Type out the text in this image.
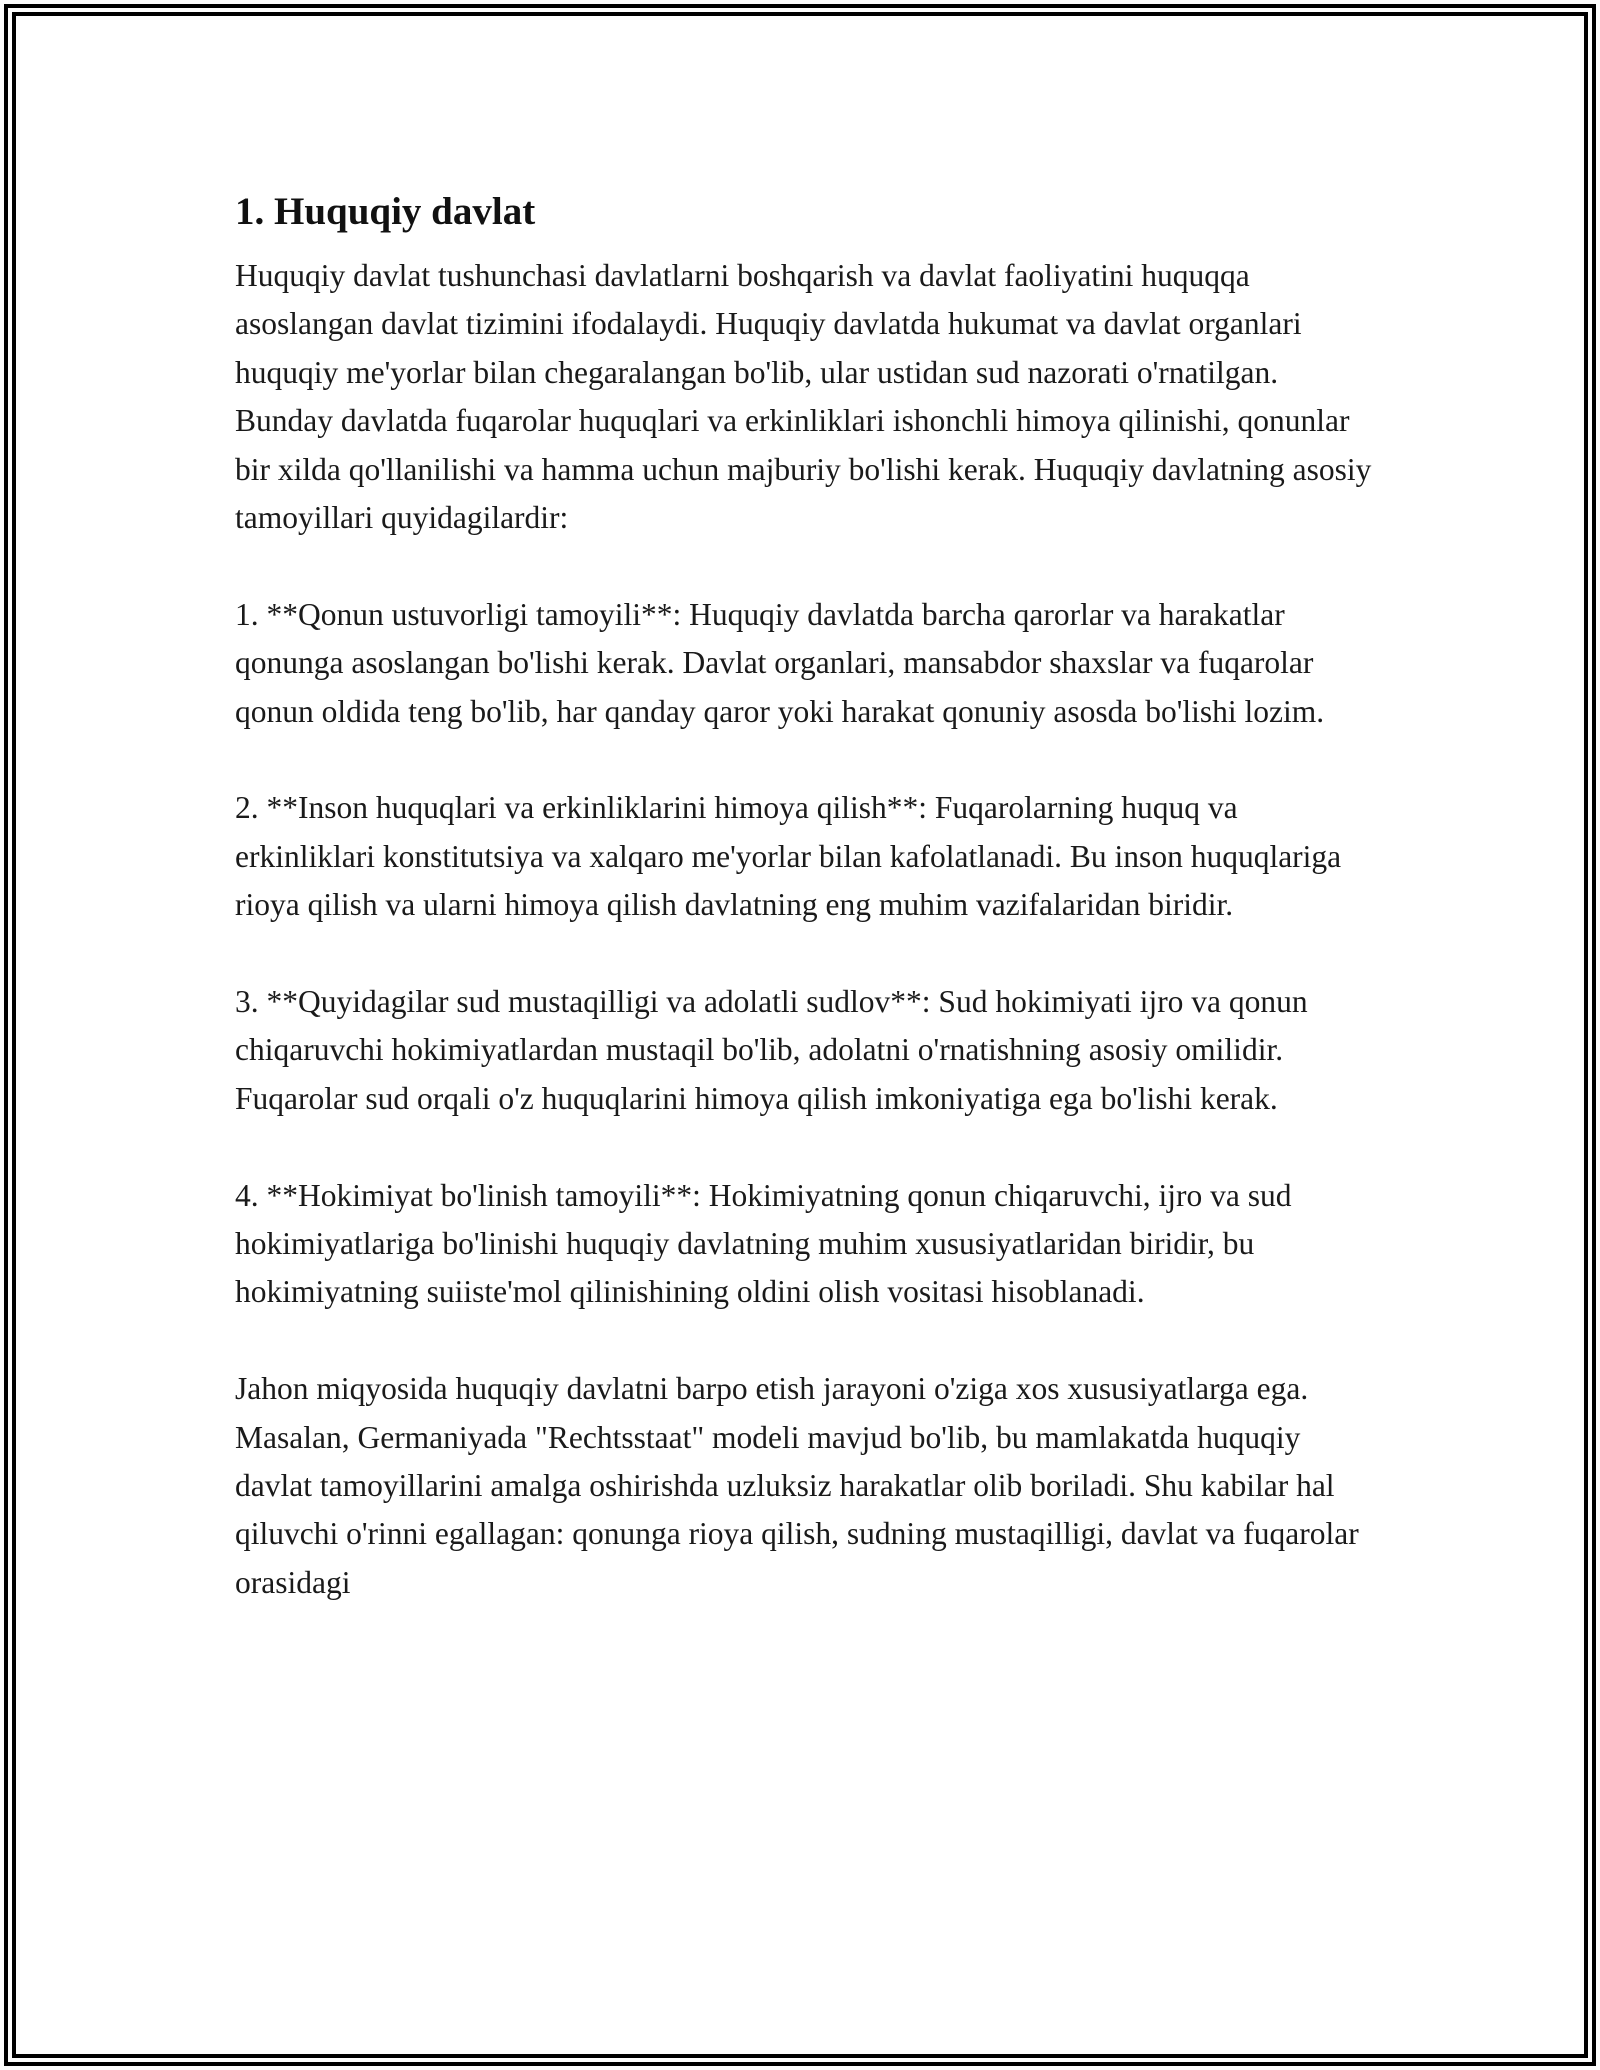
1. Huquqiy davlat

Huquqiy davlat tushunchasi davlatlarni boshqarish va davlat faoliyatini huquqqa asoslangan davlat tizimini ifodalaydi. Huquqiy davlatda hukumat va davlat organlari huquqiy me'yorlar bilan chegaralangan bo'lib, ular ustidan sud nazorati o'rnatilgan. Bunday davlatda fuqarolar huquqlari va erkinliklari ishonchli himoya qilinishi, qonunlar bir xilda qo'llanilishi va hamma uchun majburiy bo'lishi kerak. Huquqiy davlatning asosiy tamoyillari quyidagilardir:

1. **Qonun ustuvorligi tamoyili**: Huquqiy davlatda barcha qarorlar va harakatlar qonunga asoslangan bo'lishi kerak. Davlat organlari, mansabdor shaxslar va fuqarolar qonun oldida teng bo'lib, har qanday qaror yoki harakat qonuniy asosda bo'lishi lozim.

2. **Inson huquqlari va erkinliklarini himoya qilish**: Fuqarolarning huquq va erkinliklari konstitutsiya va xalqaro me'yorlar bilan kafolatlanadi. Bu inson huquqlariga rioya qilish va ularni himoya qilish davlatning eng muhim vazifalaridan biridir.

3. **Quyidagilar sud mustaqilligi va adolatli sudlov**: Sud hokimiyati ijro va qonun chiqaruvchi hokimiyatlardan mustaqil bo'lib, adolatni o'rnatishning asosiy omilidir. Fuqarolar sud orqali o'z huquqlarini himoya qilish imkoniyatiga ega bo'lishi kerak.

4. **Hokimiyat bo'linish tamoyili**: Hokimiyatning qonun chiqaruvchi, ijro va sud hokimiyatlariga bo'linishi huquqiy davlatning muhim xususiyatlaridan biridir, bu hokimiyatning suiiste'mol qilinishining oldini olish vositasi hisoblanadi.

Jahon miqyosida huquqiy davlatni barpo etish jarayoni o'ziga xos xususiyatlarga ega. Masalan, Germaniyada "Rechtsstaat" modeli mavjud bo'lib, bu mamlakatda huquqiy davlat tamoyillarini amalga oshirishda uzluksiz harakatlar olib boriladi. Shu kabilar hal qiluvchi o'rinni egallagan: qonunga rioya qilish, sudning mustaqilligi, davlat va fuqarolar orasidagi
